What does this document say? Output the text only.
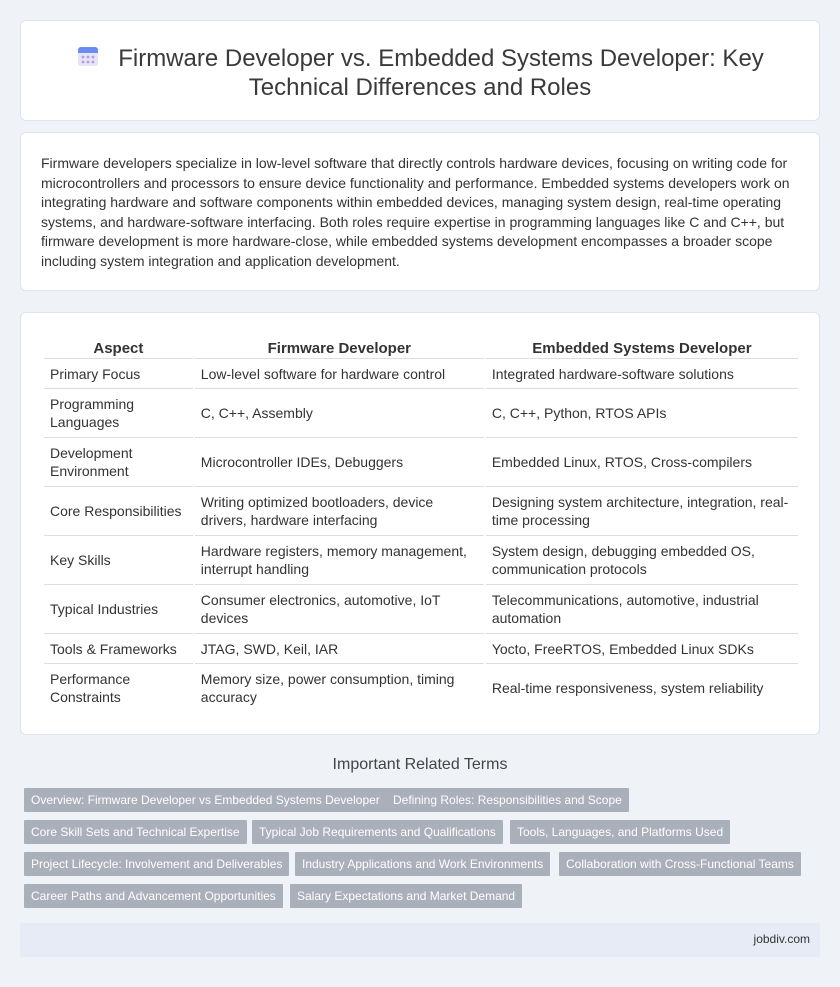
Firmware Developer vs. Embedded Systems Developer: Key
Technical Differences and Roles

Firmware developers specialize in low-level software that directly controls hardware devices, focusing on writing code for microcontrollers and processors to ensure device functionality and performance. Embedded systems developers work on integrating hardware and software components within embedded devices, managing system design, real-time operating systems, and hardware-software interfacing. Both roles require expertise in programming languages like C and C++, but firmware development is more hardware-close, while embedded systems development encompasses a broader scope including system integration and application development.

Aspect	Firmware Developer	Embedded Systems Developer
Primary Focus	Low-level software for hardware control	Integrated hardware-software solutions
Programming Languages	C, C++, Assembly	C, C++, Python, RTOS APIs
Development Environment	Microcontroller IDEs, Debuggers	Embedded Linux, RTOS, Cross-compilers
Core Responsibilities	Writing optimized bootloaders, device drivers, hardware interfacing	Designing system architecture, integration, real-time processing
Key Skills	Hardware registers, memory management, interrupt handling	System design, debugging embedded OS, communication protocols
Typical Industries	Consumer electronics, automotive, IoT devices	Telecommunications, automotive, industrial automation
Tools & Frameworks	JTAG, SWD, Keil, IAR	Yocto, FreeRTOS, Embedded Linux SDKs
Performance Constraints	Memory size, power consumption, timing accuracy	Real-time responsiveness, system reliability
Important Related Terms
Overview: Firmware Developer vs Embedded Systems Developer	Defining Roles: Responsibilities and Scope
Core Skill Sets and Technical Expertise	Typical Job Requirements and Qualifications	Tools, Languages, and Platforms Used
Project Lifecycle: Involvement and Deliverables	Industry Applications and Work Environments	Collaboration with Cross-Functional Teams
Career Paths and Advancement Opportunities	Salary Expectations and Market Demand
jobdiv.com
